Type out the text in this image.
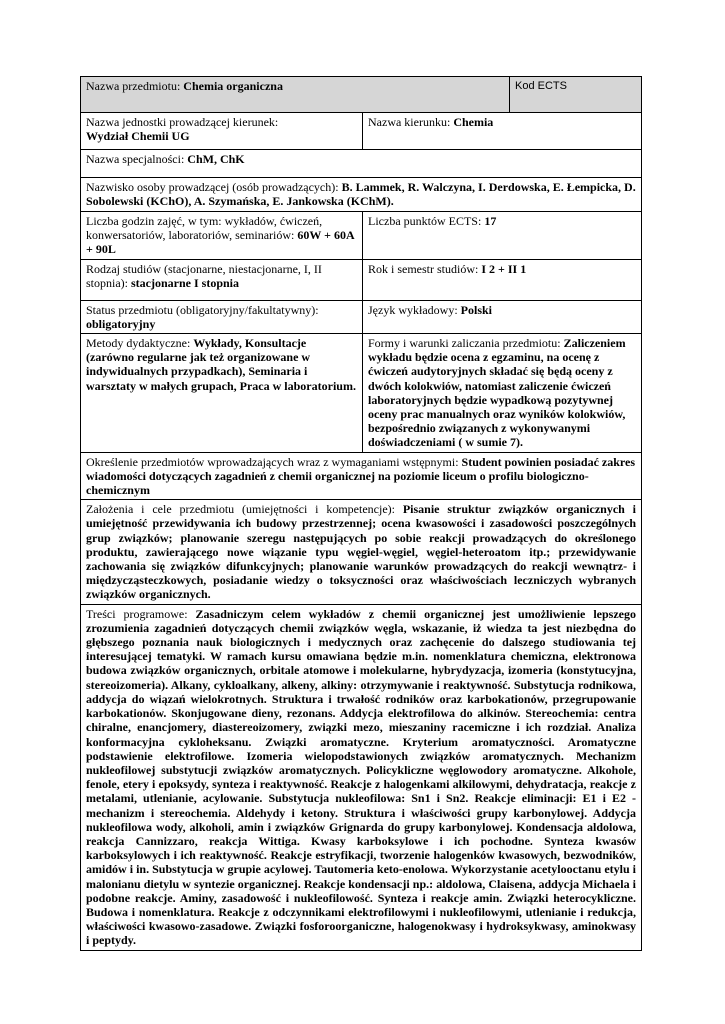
Nazwa przedmiotu: Chemia organiczna		Kod ECTS
Nazwa jednostki prowadzącej kierunek:
Wydział Chemii UG	Nazwa kierunku: Chemia	
Nazwa specjalności: ChM, ChK		
Nazwisko osoby prowadzącej (osób prowadzących): B. Lammek, R. Walczyna, I. Derdowska, E. Łempicka, D. Sobolewski (KChO), A. Szymańska, E. Jankowska (KChM).		
Liczba godzin zajęć, w tym: wykładów, ćwiczeń, konwersatoriów, laboratoriów, seminariów: 60W + 60A + 90L	Liczba punktów ECTS: 17	
Rodzaj studiów (stacjonarne, niestacjonarne, I, II stopnia): stacjonarne I stopnia	Rok i semestr studiów: I 2 + II 1	
Status przedmiotu (obligatoryjny/fakultatywny): obligatoryjny	Język wykładowy: Polski	
Metody dydaktyczne: Wykłady, Konsultacje (zarówno regularne jak też organizowane w indywidualnych przypadkach), Seminaria i warsztaty w małych grupach, Praca w laboratorium.	Formy i warunki zaliczania przedmiotu: Zaliczeniem wykładu będzie ocena z egzaminu, na ocenę z ćwiczeń audytoryjnych składać się będą oceny z dwóch kolokwiów, natomiast zaliczenie ćwiczeń laboratoryjnych będzie wypadkową pozytywnej oceny prac manualnych oraz wyników kolokwiów, bezpośrednio związanych z wykonywanymi doświadczeniami ( w sumie 7).	
Określenie przedmiotów wprowadzających wraz z wymaganiami wstępnymi: Student powinien posiadać zakres wiadomości dotyczących zagadnień z chemii organicznej na poziomie liceum o profilu biologiczno-chemicznym		
Założenia i cele przedmiotu (umiejętności i kompetencje): Pisanie struktur związków organicznych i umiejętność przewidywania ich budowy przestrzennej; ocena kwasowości i zasadowości poszczególnych grup związków; planowanie szeregu następujących po sobie reakcji prowadzących do określonego produktu, zawierającego nowe wiązanie typu węgiel-węgiel, węgiel-heteroatom itp.; przewidywanie zachowania się związków difunkcyjnych; planowanie warunków prowadzących do reakcji wewnątrz- i międzycząsteczkowych, posiadanie wiedzy o toksyczności oraz właściwościach leczniczych wybranych związków organicznych.		
Treści programowe: Zasadniczym celem wykładów z chemii organicznej jest umożliwienie lepszego zrozumienia zagadnień dotyczących chemii związków węgla, wskazanie, iż wiedza ta jest niezbędna do głębszego poznania nauk biologicznych i medycznych oraz zachęcenie do dalszego studiowania tej interesującej tematyki. W ramach kursu omawiana będzie m.in. nomenklatura chemiczna, elektronowa budowa związków organicznych, orbitale atomowe i molekularne, hybrydyzacja, izomeria (konstytucyjna, stereoizomeria). Alkany, cykloalkany, alkeny, alkiny: otrzymywanie i reaktywność. Substytucja rodnikowa, addycja do wiązań wielokrotnych. Struktura i trwałość rodników oraz karbokationów, przegrupowanie karbokationów. Skonjugowane dieny, rezonans. Addycja elektrofilowa do alkinów. Stereochemia: centra chiralne, enancjomery, diastereoizomery, związki mezo, mieszaniny racemiczne i ich rozdział. Analiza konformacyjna cykloheksanu. Związki aromatyczne. Kryterium aromatyczności. Aromatyczne podstawienie elektrofilowe. Izomeria wielopodstawionych związków aromatycznych. Mechanizm nukleofilowej substytucji związków aromatycznych. Policykliczne węglowodory aromatyczne. Alkohole, fenole, etery i epoksydy, synteza i reaktywność. Reakcje z halogenkami alkilowymi, dehydratacja, reakcje z metalami, utlenianie, acylowanie. Substytucja nukleofilowa: Sn1 i Sn2. Reakcje eliminacji: E1 i E2 - mechanizm i stereochemia. Aldehydy i ketony. Struktura i właściwości grupy karbonylowej. Addycja nukleofilowa wody, alkoholi, amin i związków Grignarda do grupy karbonylowej. Kondensacja aldolowa, reakcja Cannizzaro, reakcja Wittiga. Kwasy karboksylowe i ich pochodne. Synteza kwasów karboksylowych i ich reaktywność. Reakcje estryfikacji, tworzenie halogenków kwasowych, bezwodników, amidów i in. Substytucja w grupie acylowej. Tautomeria keto-enolowa. Wykorzystanie acetylooctanu etylu i malonianu dietylu w syntezie organicznej. Reakcje kondensacji np.: aldolowa, Claisena, addycja Michaela i podobne reakcje. Aminy, zasadowość i nukleofilowość. Synteza i reakcje amin. Związki heterocykliczne. Budowa i nomenklatura. Reakcje z odczynnikami elektrofilowymi i nukleofilowymi, utlenianie i redukcja, właściwości kwasowo-zasadowe. Związki fosforoorganiczne, halogenokwasy i hydroksykwasy, aminokwasy i peptydy.		
